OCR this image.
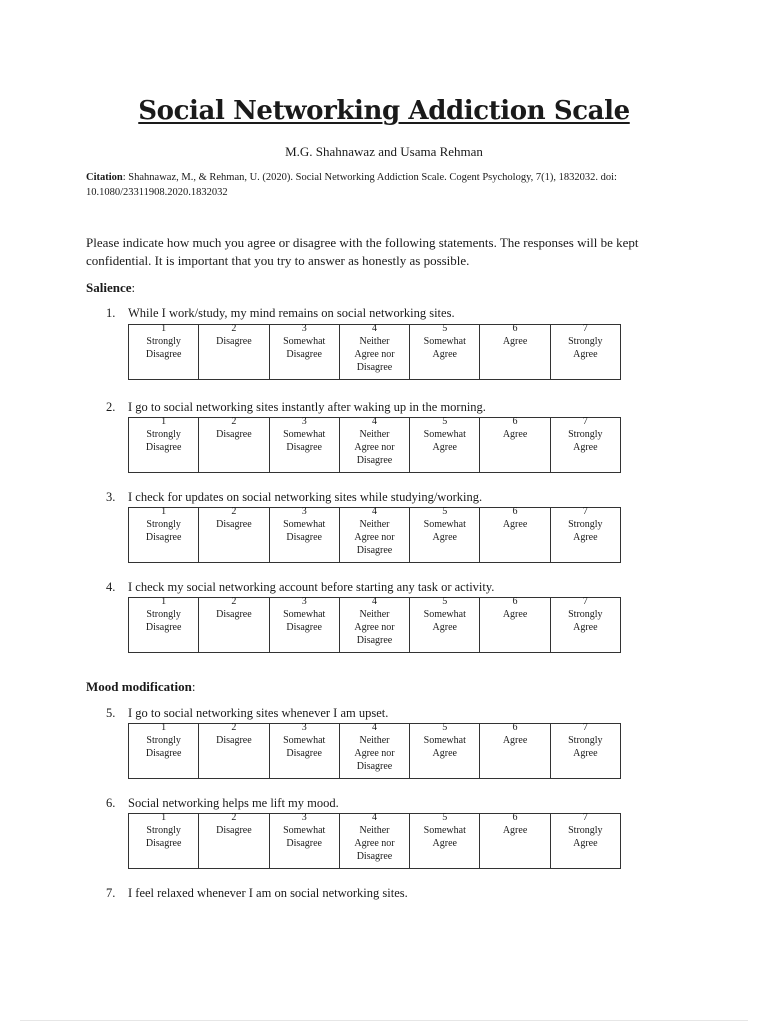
Social Networking Addiction Scale
M.G. Shahnawaz and Usama Rehman
Citation: Shahnawaz, M., & Rehman, U. (2020). Social Networking Addiction Scale. Cogent Psychology, 7(1), 1832032. doi: 10.1080/23311908.2020.1832032
Please indicate how much you agree or disagree with the following statements. The responses will be kept confidential. It is important that you try to answer as honestly as possible.
Salience:
Mood modification:
1. While I work/study, my mind remains on social networking sites.
2. I go to social networking sites instantly after waking up in the morning.
3. I check for updates on social networking sites while studying/working.
4. I check my social networking account before starting any task or activity.
5. I go to social networking sites whenever I am upset.
6. Social networking helps me lift my mood.
7. I feel relaxed whenever I am on social networking sites.
1
Strongly
Disagree

2
Disagree

3
Somewhat
Disagree

4
Neither
Agree nor
Disagree

5
Somewhat
Agree

6
Agree

7
Strongly
Agree
1
Strongly
Disagree

2
Disagree

3
Somewhat
Disagree

4
Neither
Agree nor
Disagree

5
Somewhat
Agree

6
Agree

7
Strongly
Agree
1
Strongly
Disagree

2
Disagree

3
Somewhat
Disagree

4
Neither
Agree nor
Disagree

5
Somewhat
Agree

6
Agree

7
Strongly
Agree
1
Strongly
Disagree

2
Disagree

3
Somewhat
Disagree

4
Neither
Agree nor
Disagree

5
Somewhat
Agree

6
Agree

7
Strongly
Agree
1
Strongly
Disagree

2
Disagree

3
Somewhat
Disagree

4
Neither
Agree nor
Disagree

5
Somewhat
Agree

6
Agree

7
Strongly
Agree
1
Strongly
Disagree

2
Disagree

3
Somewhat
Disagree

4
Neither
Agree nor
Disagree

5
Somewhat
Agree

6
Agree

7
Strongly
Agree
